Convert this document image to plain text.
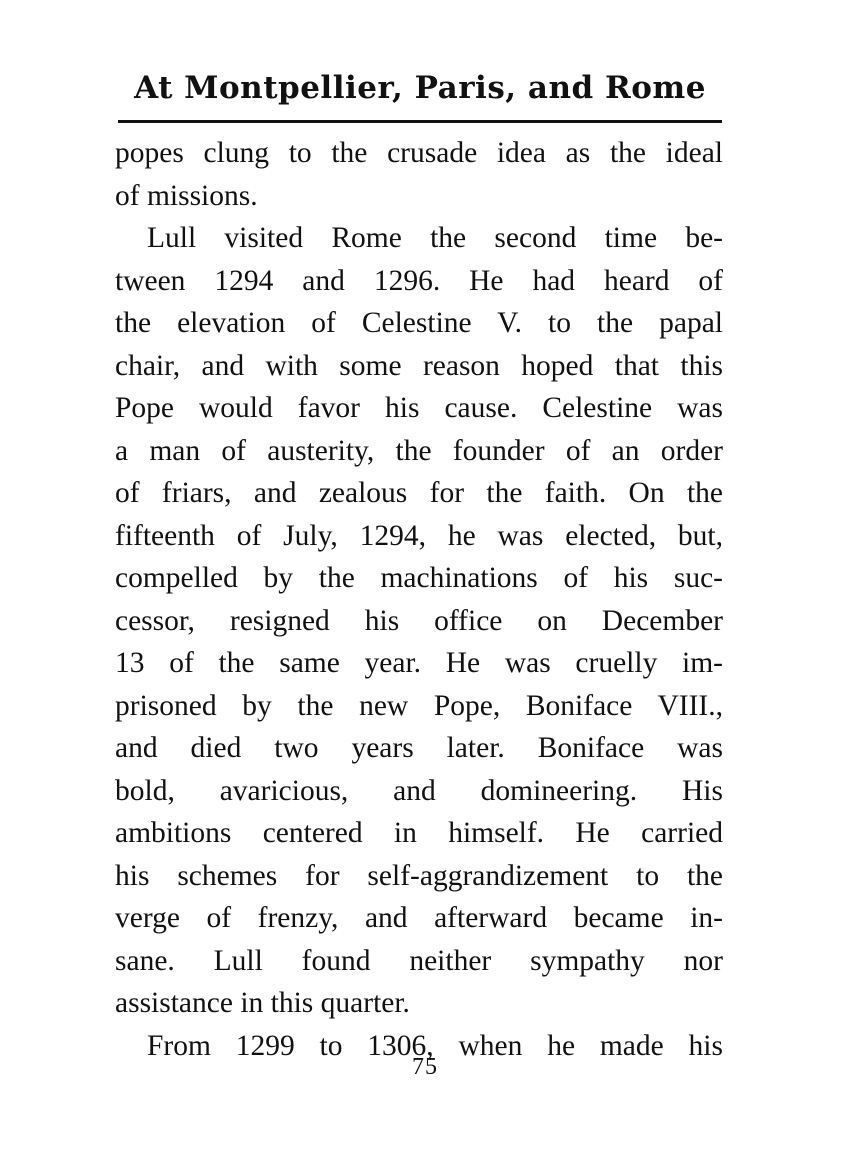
At Montpellier, Paris, and Rome
popes clung to the crusade idea as the ideal
of missions.
Lull visited Rome the second time be-
tween 1294 and 1296. He had heard of
the elevation of Celestine V. to the papal
chair, and with some reason hoped that this
Pope would favor his cause. Celestine was
a man of austerity, the founder of an order
of friars, and zealous for the faith. On the
fifteenth of July, 1294, he was elected, but,
compelled by the machinations of his suc-
cessor, resigned his office on December
13 of the same year. He was cruelly im-
prisoned by the new Pope, Boniface VIII.,
and died two years later. Boniface was
bold, avaricious, and domineering. His
ambitions centered in himself. He carried
his schemes for self-aggrandizement to the
verge of frenzy, and afterward became in-
sane. Lull found neither sympathy nor
assistance in this quarter.
From 1299 to 1306, when he made his
75
